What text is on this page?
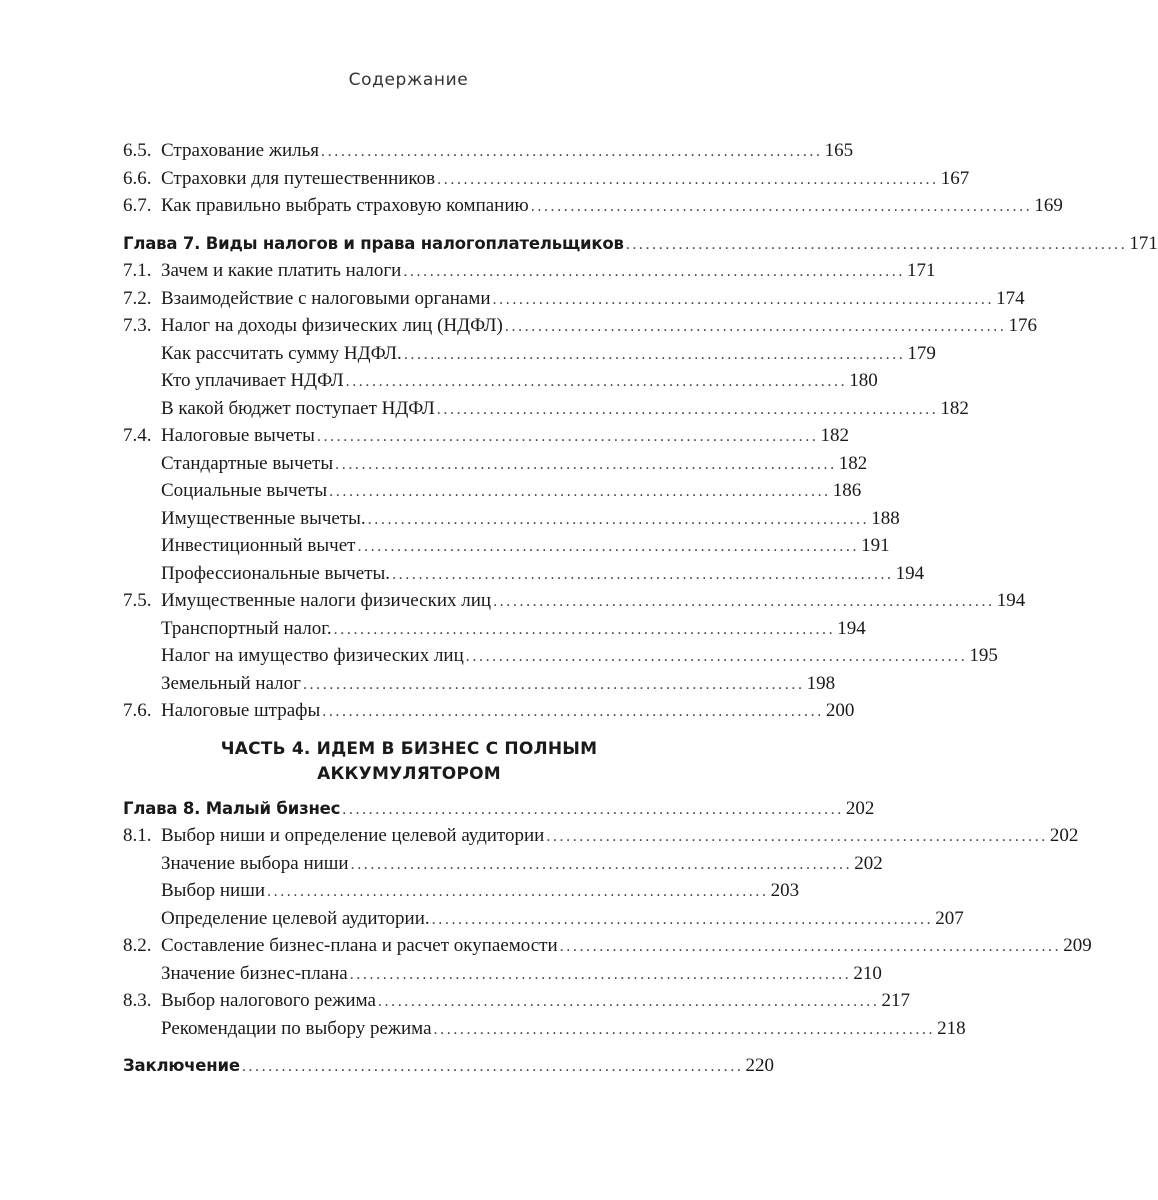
Содержание
6.5. Страхование жилья ............................................................................ 165
6.6. Страховки для путешественников ............................................................................ 167
6.7. Как правильно выбрать страховую компанию ............................................................................ 169
Глава 7. Виды налогов и права налогоплательщиков ............................................................................ 171
7.1. Зачем и какие платить налоги ............................................................................ 171
7.2. Взаимодействие с налоговыми органами ............................................................................ 174
7.3. Налог на доходы физических лиц (НДФЛ) ............................................................................ 176
Как рассчитать сумму НДФЛ. ............................................................................ 179
Кто уплачивает НДФЛ ............................................................................ 180
В какой бюджет поступает НДФЛ ............................................................................ 182
7.4. Налоговые вычеты ............................................................................ 182
Стандартные вычеты ............................................................................ 182
Социальные вычеты ............................................................................ 186
Имущественные вычеты. ............................................................................ 188
Инвестиционный вычет ............................................................................ 191
Профессиональные вычеты. ............................................................................ 194
7.5. Имущественные налоги физических лиц ............................................................................ 194
Транспортный налог. ............................................................................ 194
Налог на имущество физических лиц ............................................................................ 195
Земельный налог ............................................................................ 198
7.6. Налоговые штрафы ............................................................................ 200
ЧАСТЬ 4. ИДЕМ В БИЗНЕС С ПОЛНЫМ
АККУМУЛЯТОРОМ
Глава 8. Малый бизнес ............................................................................ 202
8.1. Выбор ниши и определение целевой аудитории ............................................................................ 202
Значение выбора ниши ............................................................................ 202
Выбор ниши ............................................................................ 203
Определение целевой аудитории. ............................................................................ 207
8.2. Составление бизнес-плана и расчет окупаемости ............................................................................ 209
Значение бизнес-плана ............................................................................ 210
8.3. Выбор налогового режима ............................................................................ 217
Рекомендации по выбору режима ............................................................................ 218
Заключение ............................................................................ 220
